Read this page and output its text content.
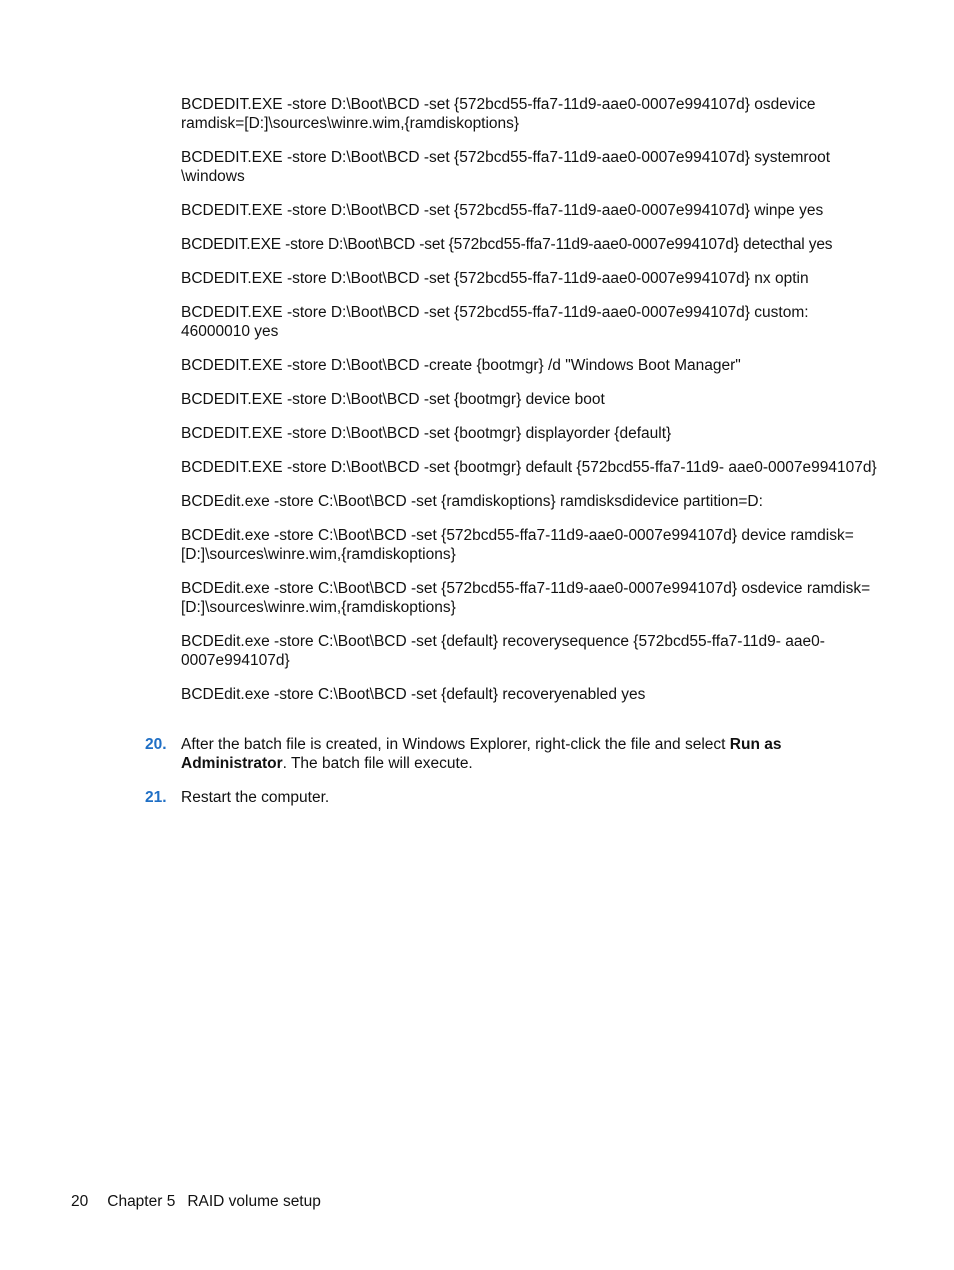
BCDEDIT.EXE -store D:\Boot\BCD -set {572bcd55-ffa7-11d9-aae0-0007e994107d} osdevice ramdisk=[D:]\sources\winre.wim,{ramdiskoptions}

BCDEDIT.EXE -store D:\Boot\BCD -set {572bcd55-ffa7-11d9-aae0-0007e994107d} systemroot \windows

BCDEDIT.EXE -store D:\Boot\BCD -set {572bcd55-ffa7-11d9-aae0-0007e994107d} winpe yes

BCDEDIT.EXE -store D:\Boot\BCD -set {572bcd55-ffa7-11d9-aae0-0007e994107d} detecthal yes

BCDEDIT.EXE -store D:\Boot\BCD -set {572bcd55-ffa7-11d9-aae0-0007e994107d} nx optin

BCDEDIT.EXE -store D:\Boot\BCD -set {572bcd55-ffa7-11d9-aae0-0007e994107d} custom: 46000010 yes

BCDEDIT.EXE -store D:\Boot\BCD -create {bootmgr} /d "Windows Boot Manager"

BCDEDIT.EXE -store D:\Boot\BCD -set {bootmgr} device boot

BCDEDIT.EXE -store D:\Boot\BCD -set {bootmgr} displayorder {default}

BCDEDIT.EXE -store D:\Boot\BCD -set {bootmgr} default {572bcd55-ffa7-11d9- aae0-0007e994107d}

BCDEdit.exe -store C:\Boot\BCD -set {ramdiskoptions} ramdisksdidevice partition=D:

BCDEdit.exe -store C:\Boot\BCD -set {572bcd55-ffa7-11d9-aae0-0007e994107d} device ramdisk=[D:]\sources\winre.wim,{ramdiskoptions}

BCDEdit.exe -store C:\Boot\BCD -set {572bcd55-ffa7-11d9-aae0-0007e994107d} osdevice ramdisk=[D:]\sources\winre.wim,{ramdiskoptions}

BCDEdit.exe -store C:\Boot\BCD -set {default} recoverysequence {572bcd55-ffa7-11d9- aae0-0007e994107d}

BCDEdit.exe -store C:\Boot\BCD -set {default} recoveryenabled yes

20. After the batch file is created, in Windows Explorer, right-click the file and select Run as Administrator. The batch file will execute.
21. Restart the computer.
20 Chapter 5 RAID volume setup
